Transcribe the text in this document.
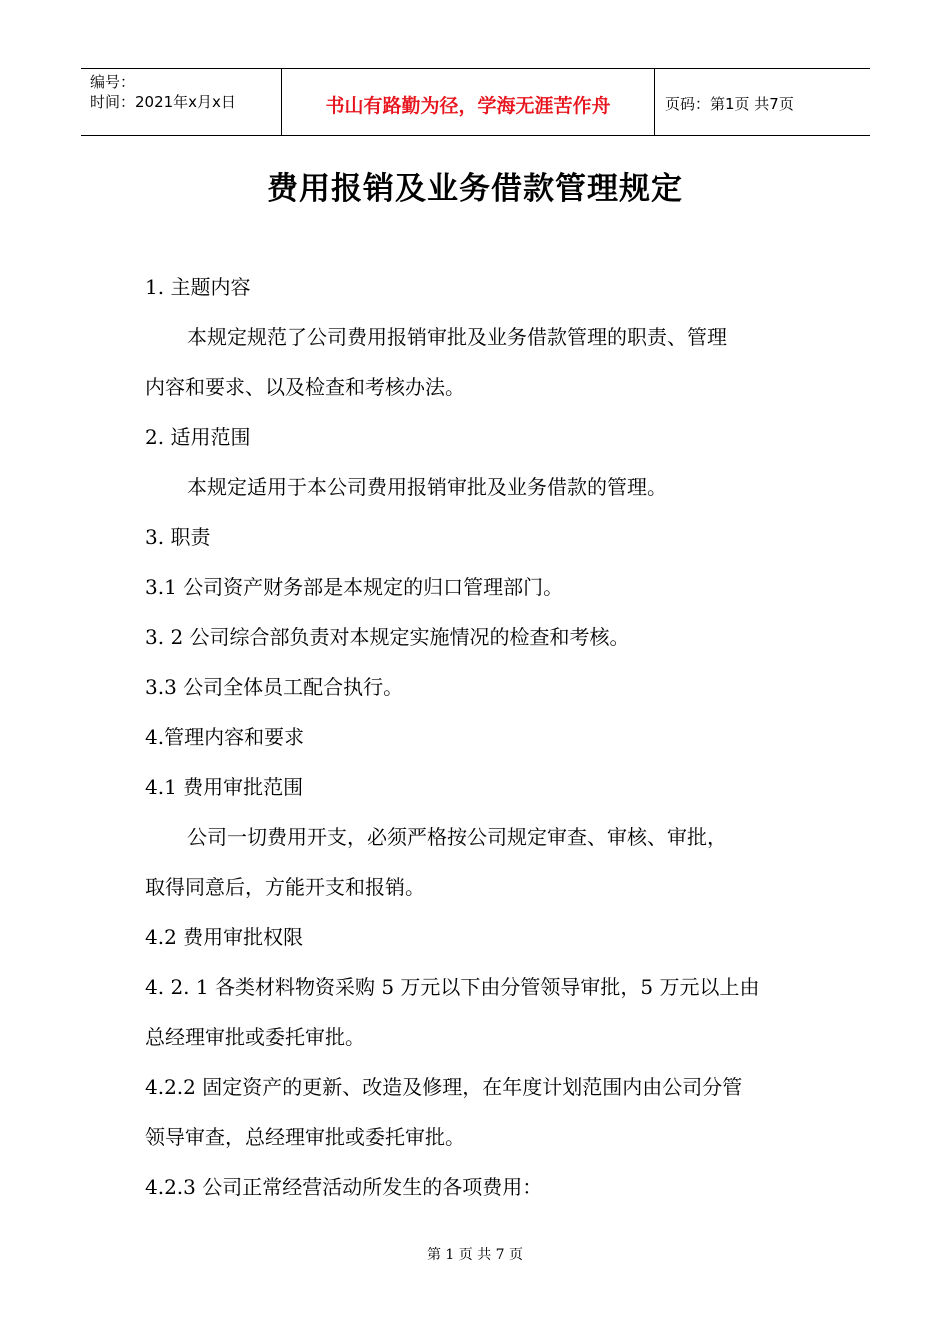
编号：
时间：2021年x月x日	书山有路勤为径，学海无涯苦作舟	页码：第1页 共7页
费用报销及业务借款管理规定

1. 主题内容

本规定规范了公司费用报销审批及业务借款管理的职责、管理

内容和要求、以及检查和考核办法。

2. 适用范围

本规定适用于本公司费用报销审批及业务借款的管理。

3. 职责

3.1 公司资产财务部是本规定的归口管理部门。

3. 2 公司综合部负责对本规定实施情况的检查和考核。

3.3 公司全体员工配合执行。

4.管理内容和要求

4.1 费用审批范围

公司一切费用开支，必须严格按公司规定审查、审核、审批，

取得同意后，方能开支和报销。

4.2 费用审批权限

4. 2. 1 各类材料物资采购 5 万元以下由分管领导审批，5 万元以上由

总经理审批或委托审批。

4.2.2 固定资产的更新、改造及修理，在年度计划范围内由公司分管

领导审查，总经理审批或委托审批。

4.2.3 公司正常经营活动所发生的各项费用：

第 1 页 共 7 页
